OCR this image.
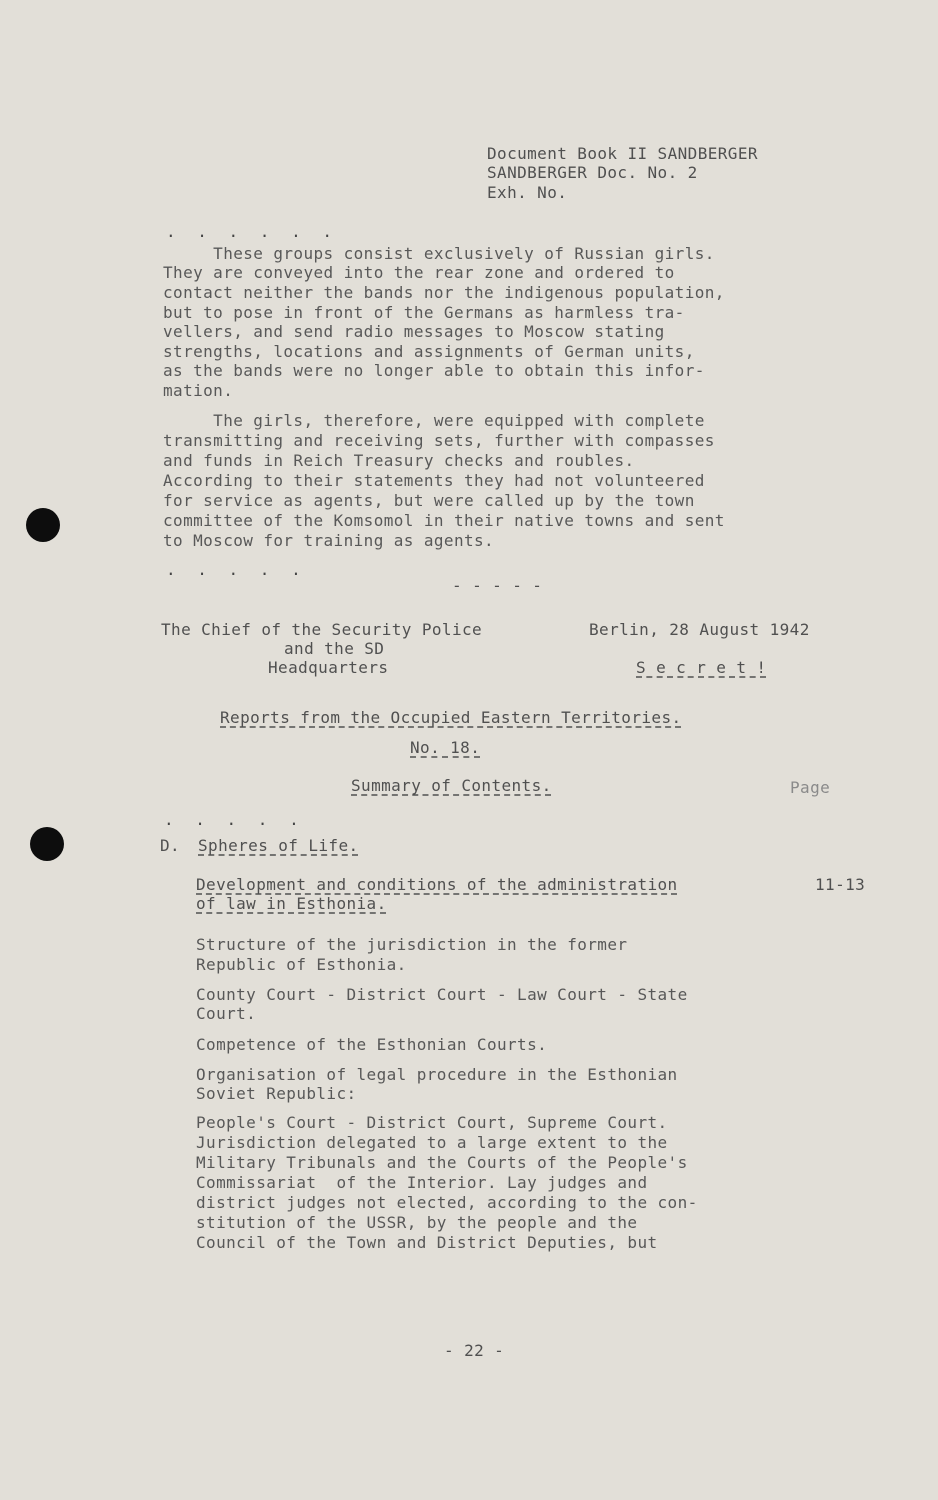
Document Book II SANDBERGER
SANDBERGER Doc. No. 2
Exh. No.
. . . . . .
These groups consist exclusively of Russian girls.
They are conveyed into the rear zone and ordered to
contact neither the bands nor the indigenous population,
but to pose in front of the Germans as harmless tra-
vellers, and send radio messages to Moscow stating
strengths, locations and assignments of German units,
as the bands were no longer able to obtain this infor-
mation.
The girls, therefore, were equipped with complete
transmitting and receiving sets, further with compasses
and funds in Reich Treasury checks and roubles.
According to their statements they had not volunteered
for service as agents, but were called up by the town
committee of the Komsomol in their native towns and sent
to Moscow for training as agents.
. . . . .
- - - - -
The Chief of the Security Police
and the SD
Headquarters
Berlin, 28 August 1942
S e c r e t !
Reports from the Occupied Eastern Territories.
No. 18.
Summary of Contents.	Page
. . . . .
D. Spheres of Life.
Development and conditions of the administration
of law in Esthonia.
11-13
Structure of the jurisdiction in the former
Republic of Esthonia.
County Court - District Court - Law Court - State
Court.
Competence of the Esthonian Courts.
Organisation of legal procedure in the Esthonian
Soviet Republic:
People's Court - District Court, Supreme Court.
Jurisdiction delegated to a large extent to the
Military Tribunals and the Courts of the People's
Commissariat  of the Interior. Lay judges and
district judges not elected, according to the con-
stitution of the USSR, by the people and the
Council of the Town and District Deputies, but
- 22 -
